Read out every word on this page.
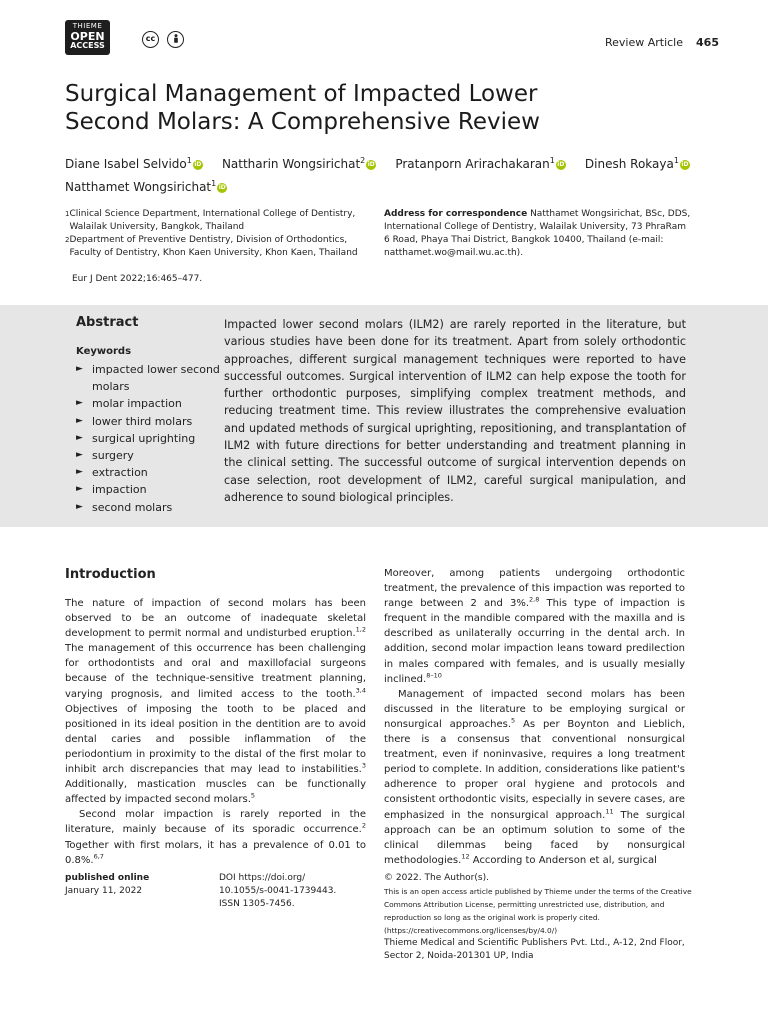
THIEME
OPEN
ACCESS
cc	Review Article 465
Surgical Management of Impacted Lower
Second Molars: A Comprehensive Review
Diane Isabel Selvido$^1$ iD Nattharin Wongsirichat$^2$ iD Pratanporn Arirachakaran$^1$ iD Dinesh Rokaya$^1$ iD
Natthamet Wongsirichat$^1$ iD
1 Clinical Science Department, International College of Dentistry, Walailak University, Bangkok, Thailand
2 Department of Preventive Dentistry, Division of Orthodontics, Faculty of Dentistry, Khon Kaen University, Khon Kaen, Thailand
Address for correspondence Natthamet Wongsirichat, BSc, DDS, International College of Dentistry, Walailak University, 73 PhraRam 6 Road, Phaya Thai District, Bangkok 10400, Thailand (e-mail: natthamet.wo@mail.wu.ac.th).
Eur J Dent 2022;16:465–477.
Abstract
Keywords
► impacted lower second molars
► molar impaction
► lower third molars
► surgical uprighting
► surgery
► extraction
► impaction
► second molars
Impacted lower second molars (ILM2) are rarely reported in the literature, but various studies have been done for its treatment. Apart from solely orthodontic approaches, different surgical management techniques were reported to have successful outcomes. Surgical intervention of ILM2 can help expose the tooth for further orthodontic purposes, simplifying complex treatment methods, and reducing treatment time. This review illustrates the comprehensive evaluation and updated methods of surgical uprighting, repositioning, and transplantation of ILM2 with future directions for better understanding and treatment planning in the clinical setting. The successful outcome of surgical intervention depends on case selection, root development of ILM2, careful surgical manipulation, and adherence to sound biological principles.
Introduction

The nature of impaction of second molars has been observed to be an outcome of inadequate skeletal development to permit normal and undisturbed eruption.$^{1,2}$ The management of this occurrence has been challenging for orthodontists and oral and maxillofacial surgeons because of the technique-sensitive treatment planning, varying prognosis, and limited access to the tooth.$^{3,4}$ Objectives of imposing the tooth to be placed and positioned in its ideal position in the dentition are to avoid dental caries and possible inflammation of the periodontium in proximity to the distal of the first molar to inhibit arch discrepancies that may lead to instabilities.$^3$ Additionally, mastication muscles can be functionally affected by impacted second molars.$^5$

Second molar impaction is rarely reported in the literature, mainly because of its sporadic occurrence.$^2$ Together with first molars, it has a prevalence of 0.01 to 0.8%.$^{6,7}$

Moreover, among patients undergoing orthodontic treatment, the prevalence of this impaction was reported to range between 2 and 3%.$^{2,8}$ This type of impaction is frequent in the mandible compared with the maxilla and is described as unilaterally occurring in the dental arch. In addition, second molar impaction leans toward predilection in males compared with females, and is usually mesially inclined.$^{8-10}$

Management of impacted second molars has been discussed in the literature to be employing surgical or nonsurgical approaches.$^5$ As per Boynton and Lieblich, there is a consensus that conventional nonsurgical treatment, even if noninvasive, requires a long treatment period to complete. In addition, considerations like patient's adherence to proper oral hygiene and protocols and consistent orthodontic visits, especially in severe cases, are emphasized in the nonsurgical approach.$^{11}$ The surgical approach can be an optimum solution to some of the clinical dilemmas being faced by nonsurgical methodologies.$^{12}$ According to Anderson et al, surgical

published online
January 11, 2022
DOI https://doi.org/
10.1055/s-0041-1739443.
ISSN 1305-7456.
© 2022. The Author(s).
This is an open access article published by Thieme under the terms of the Creative Commons Attribution License, permitting unrestricted use, distribution, and reproduction so long as the original work is properly cited. (https://creativecommons.org/licenses/by/4.0/)
Thieme Medical and Scientific Publishers Pvt. Ltd., A-12, 2nd Floor, Sector 2, Noida-201301 UP, India
